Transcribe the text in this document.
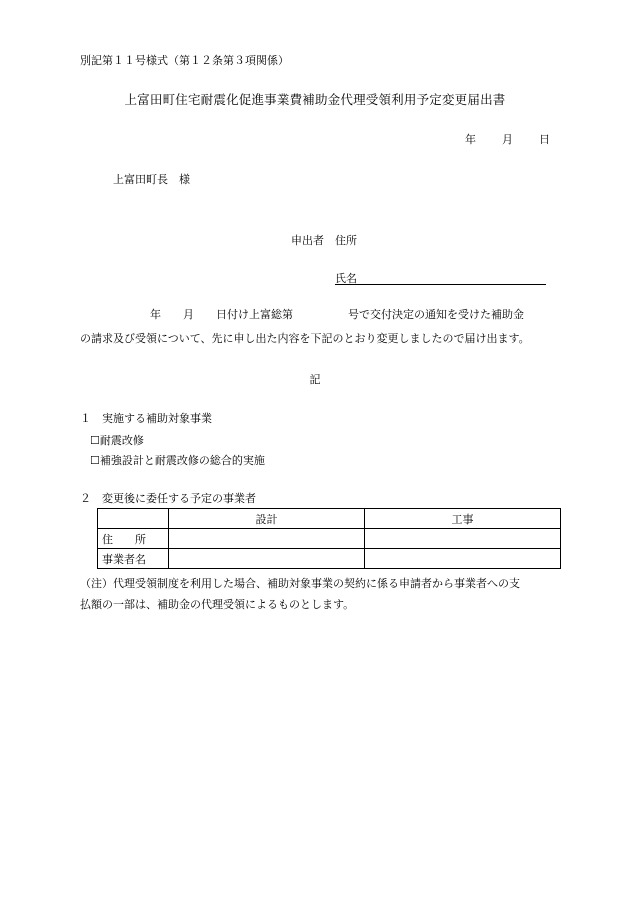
別記第１１号様式（第１２条第３項関係）
上富田町住宅耐震化促進事業費補助金代理受領利用予定変更届出書
年 月 日
上富田町長　様
申出者　住所
氏名
年　　月　　日付け上富総第　　　　　号で交付決定の通知を受けた補助金
の請求及び受領について、先に申し出た内容を下記のとおり変更しましたので届け出ます。
記
１　実施する補助対象事業
☐耐震改修
☐補強設計と耐震改修の総合的実施
２　変更後に委任する予定の事業者
	設計	工事
住　　所		
事業者名		
（注）代理受領制度を利用した場合、補助対象事業の契約に係る申請者から事業者への支
払額の一部は、補助金の代理受領によるものとします。
